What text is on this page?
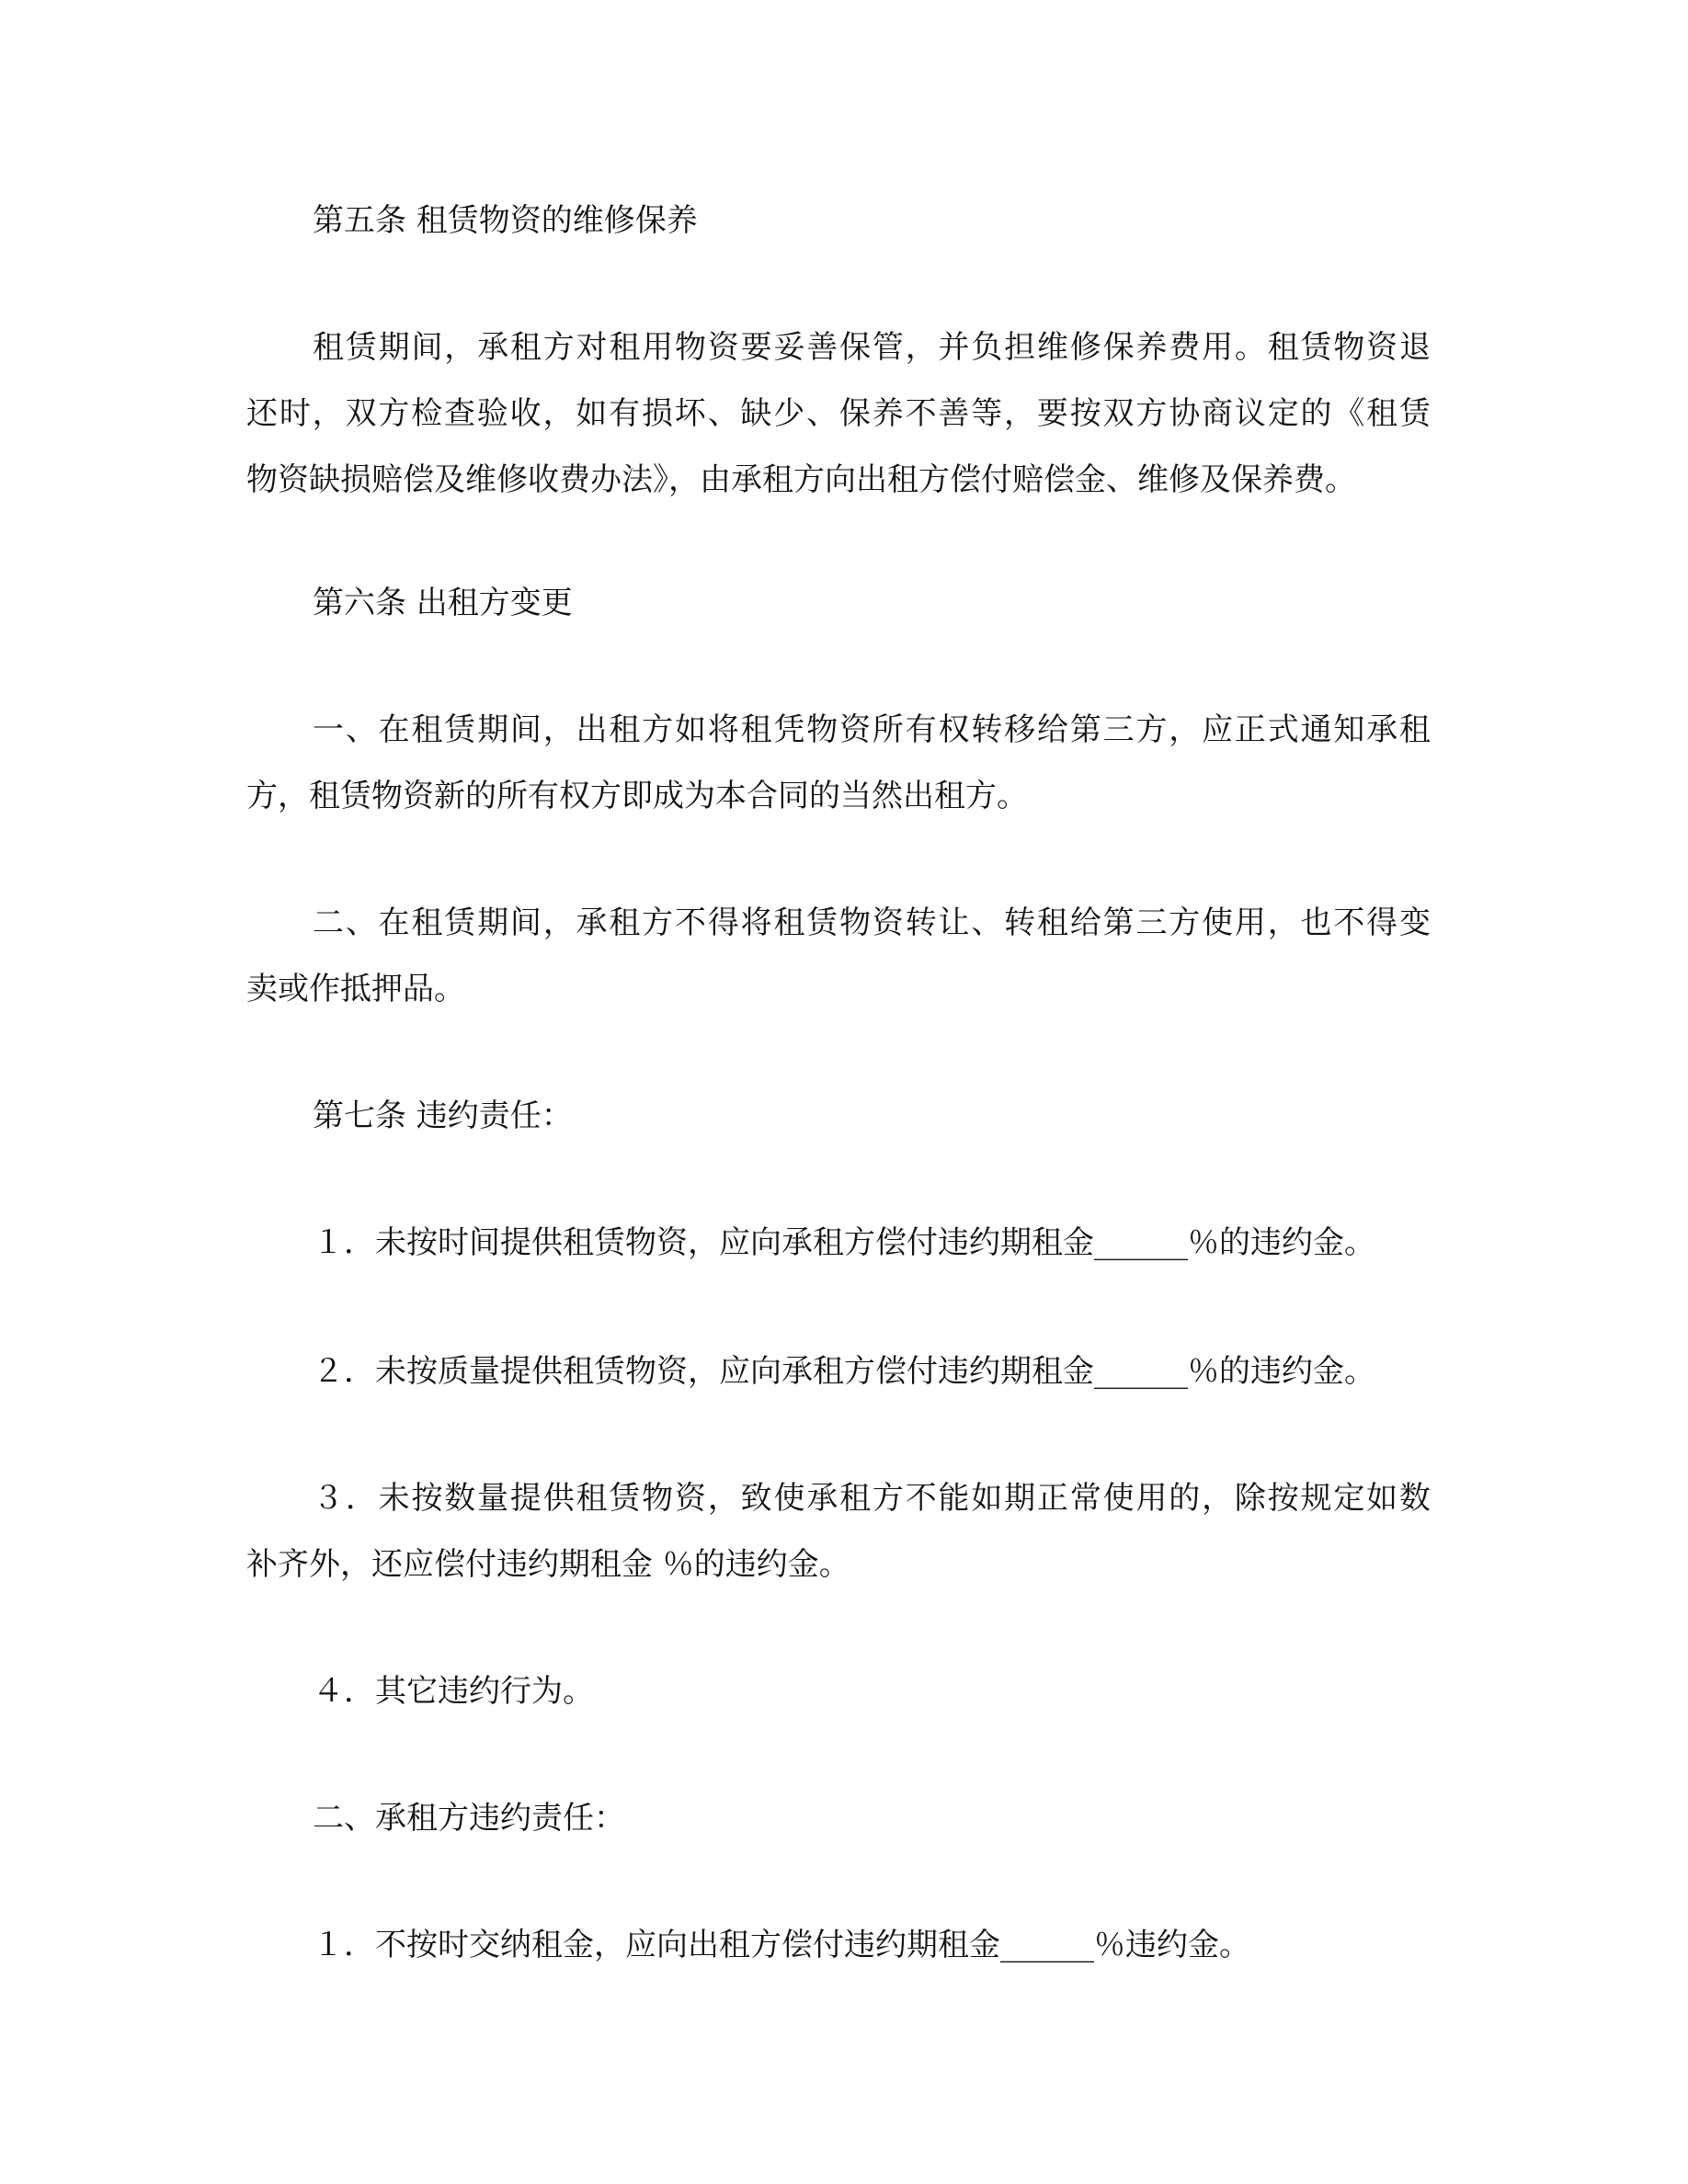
第五条 租赁物资的维修保养

租赁期间，承租方对租用物资要妥善保管，并负担维修保养费用。租赁物资退

还时，双方检查验收，如有损坏、缺少、保养不善等，要按双方协商议定的《租赁

物资缺损赔偿及维修收费办法》，由承租方向出租方偿付赔偿金、维修及保养费。

第六条 出租方变更

一、在租赁期间，出租方如将租凭物资所有权转移给第三方，应正式通知承租

方，租赁物资新的所有权方即成为本合同的当然出租方。

二、在租赁期间，承租方不得将租赁物资转让、转租给第三方使用，也不得变

卖或作抵押品。

第七条 违约责任：

１．未按时间提供租赁物资，应向承租方偿付违约期租金______％的违约金。

２．未按质量提供租赁物资，应向承租方偿付违约期租金______％的违约金。

３．未按数量提供租赁物资，致使承租方不能如期正常使用的，除按规定如数

补齐外，还应偿付违约期租金 ％的违约金。

４．其它违约行为。

二、承租方违约责任：

１．不按时交纳租金，应向出租方偿付违约期租金______％违约金。
